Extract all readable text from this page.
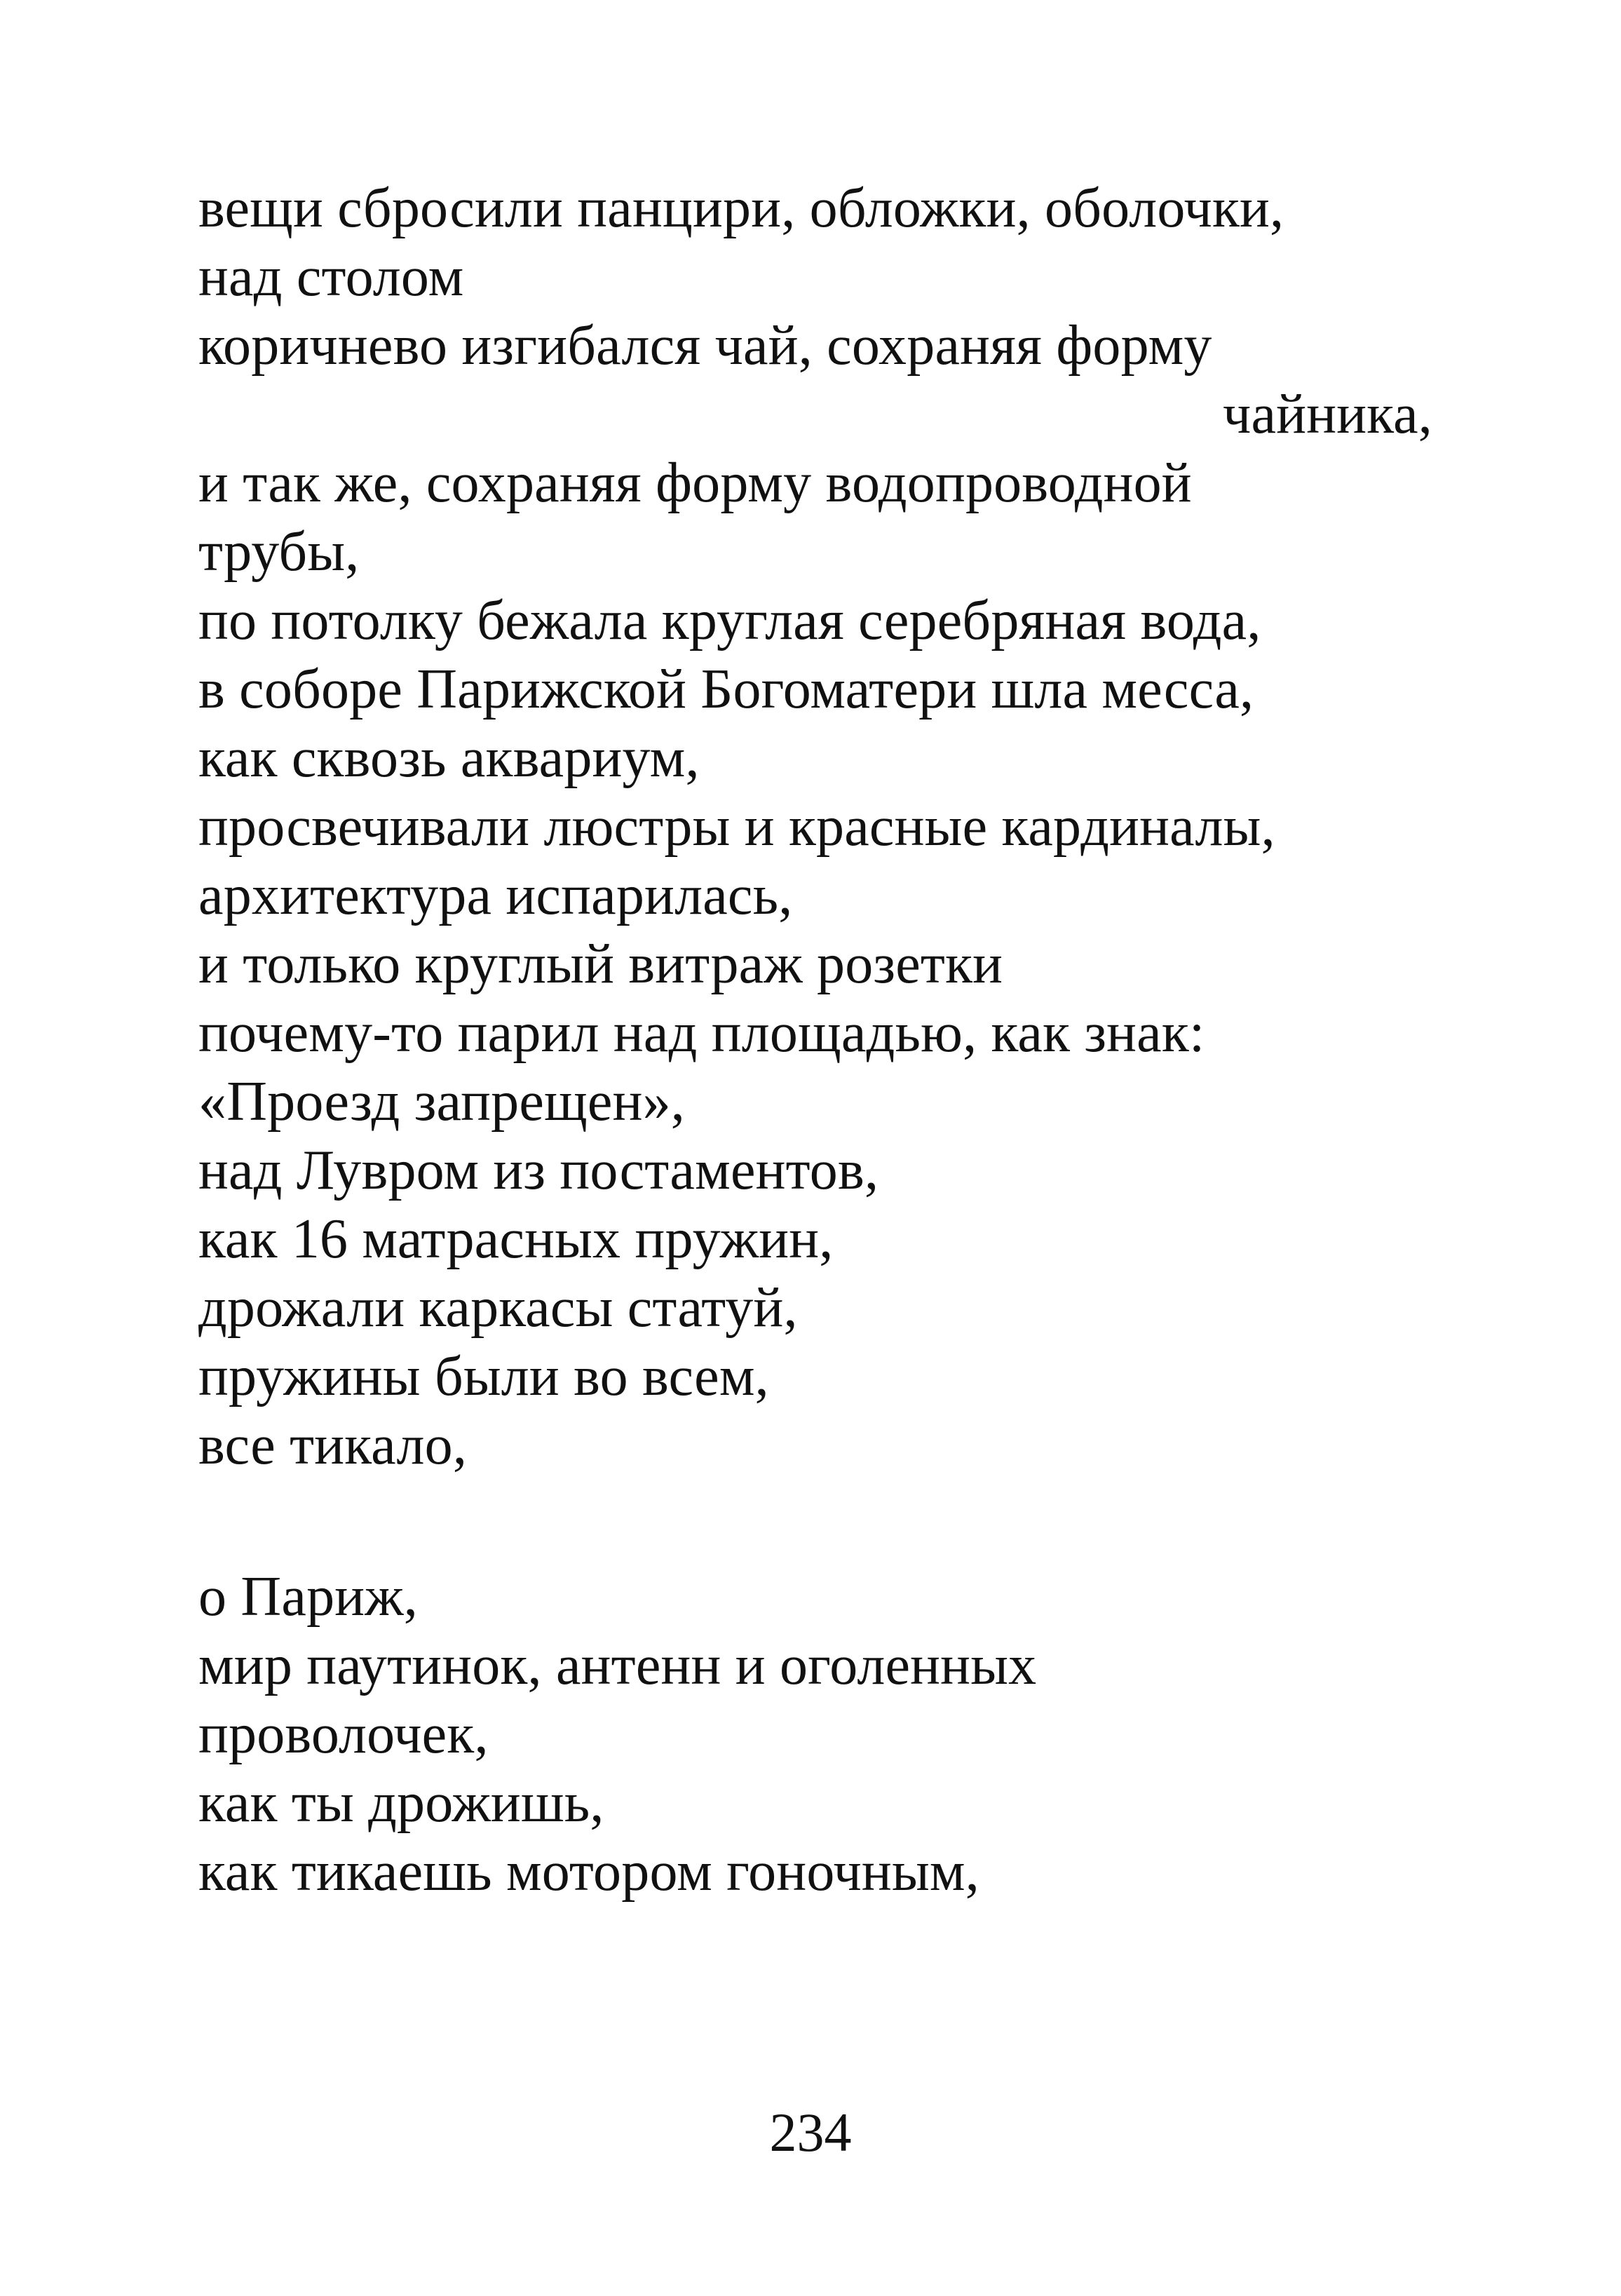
вещи сбросили панцири, обложки, оболочки,
над столом
коричнево изгибался чай, сохраняя форму
чайника,
и так же, сохраняя форму водопроводной
трубы,
по потолку бежала круглая серебряная вода,
в соборе Парижской Богоматери шла месса,
как сквозь аквариум,
просвечивали люстры и красные кардиналы,
архитектура испарилась,
и только круглый витраж розетки
почему-то парил над площадью, как знак:
«Проезд запрещен»,
над Лувром из постаментов,
как 16 матрасных пружин,
дрожали каркасы статуй,
пружины были во всем,
все тикало,
о Париж,
мир паутинок, антенн и оголенных
проволочек,
как ты дрожишь,
как тикаешь мотором гоночным,
234
